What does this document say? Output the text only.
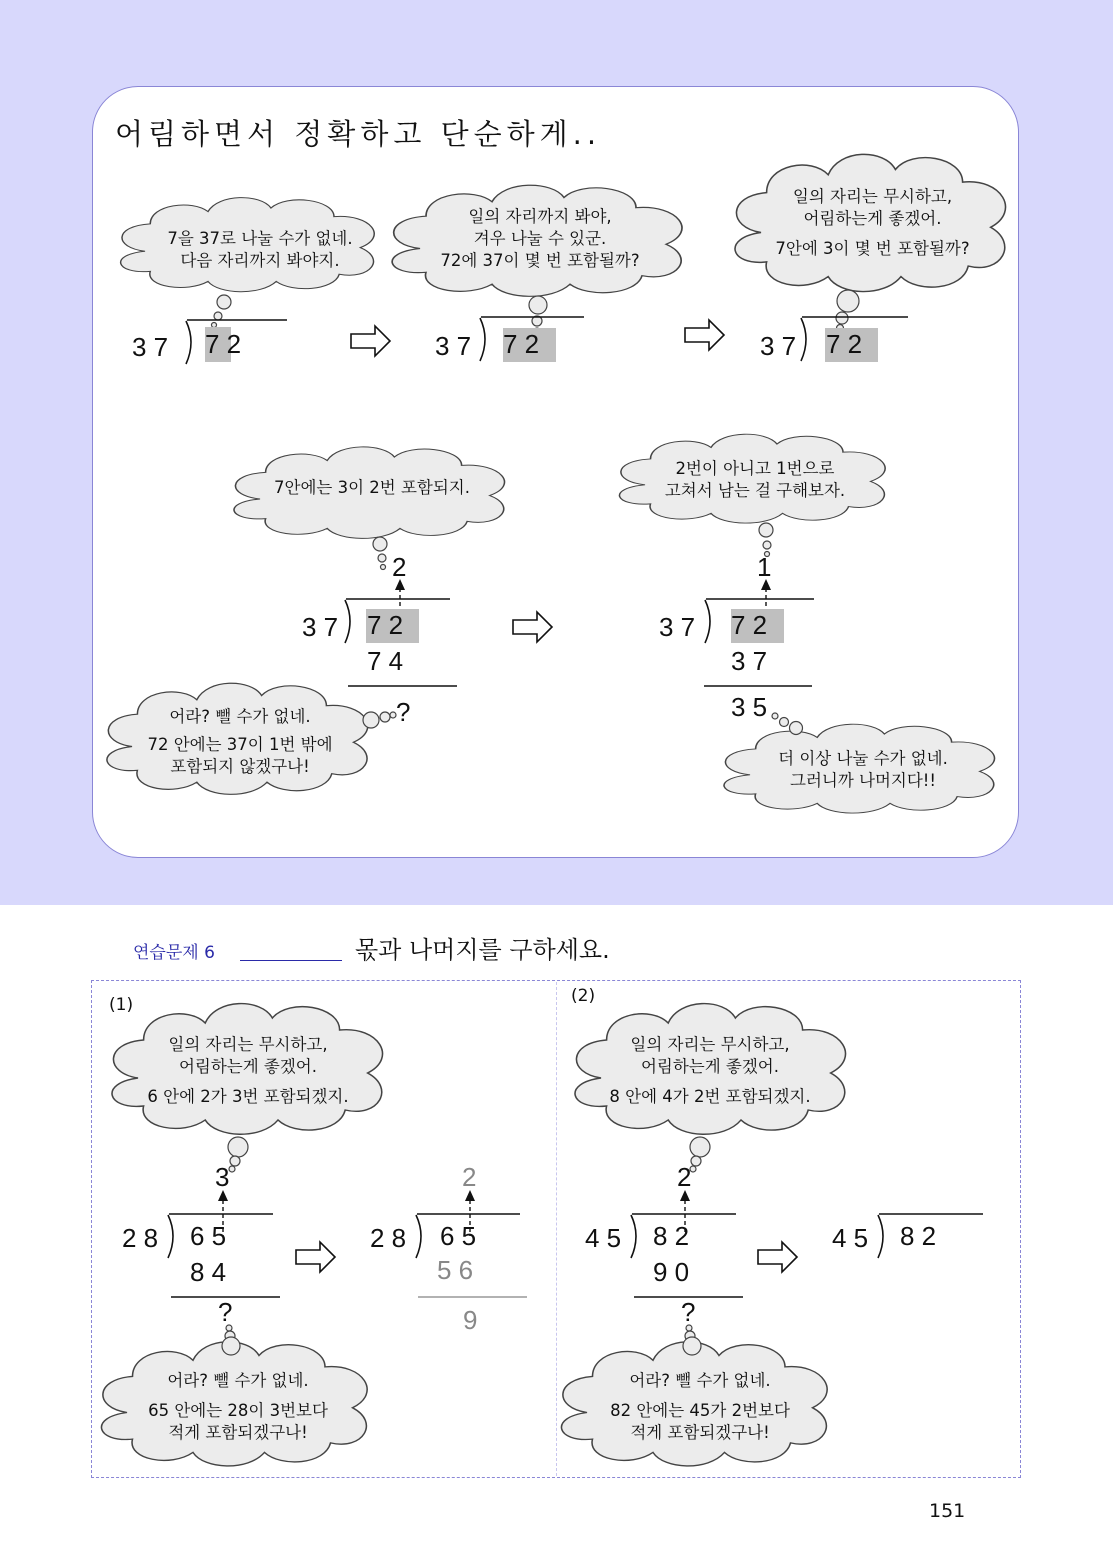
어림하면서 정확하고 단순하게..
7을 37로 나눌 수가 없네.
다음 자리까지 봐야지.
일의 자리까지 봐야,
겨우 나눌 수 있군.
72에 37이 몇 번 포함될까?
일의 자리는 무시하고,
어림하는게 좋겠어.
7안에 3이 몇 번 포함될까?
7안에는 3이 2번 포함되지.
2번이 아니고 1번으로
고쳐서 남는 걸 구해보자.
어라? 뺄 수가 없네.
72 안에는 37이 1번 밖에
포함되지 않겠구나!	더 이상 나눌 수가 없네.
그러니까 나머지다!!
일의 자리는 무시하고,
어림하는게 좋겠어.
6 안에 2가 3번 포함되겠지.
어라? 뺄 수가 없네.
65 안에는 28이 3번보다
적게 포함되겠구나!
일의 자리는 무시하고,
어림하는게 좋겠어.
8 안에 4가 2번 포함되겠지.
어라? 뺄 수가 없네.
82 안에는 45가 2번보다
적게 포함되겠구나!
3 7 7 2	3 7 7 2	3 7 7 2
2
3 7 7 2
7 4
?
1
3 7 7 2
3 7
3 5
연습문제 6	몫과 나머지를 구하세요.
(1)	(2)
3
2 8 6 5
8 4
?
2
2 8 6 5
5 6
9
2
4 5 8 2
9 0
?
4 5 8 2
151
